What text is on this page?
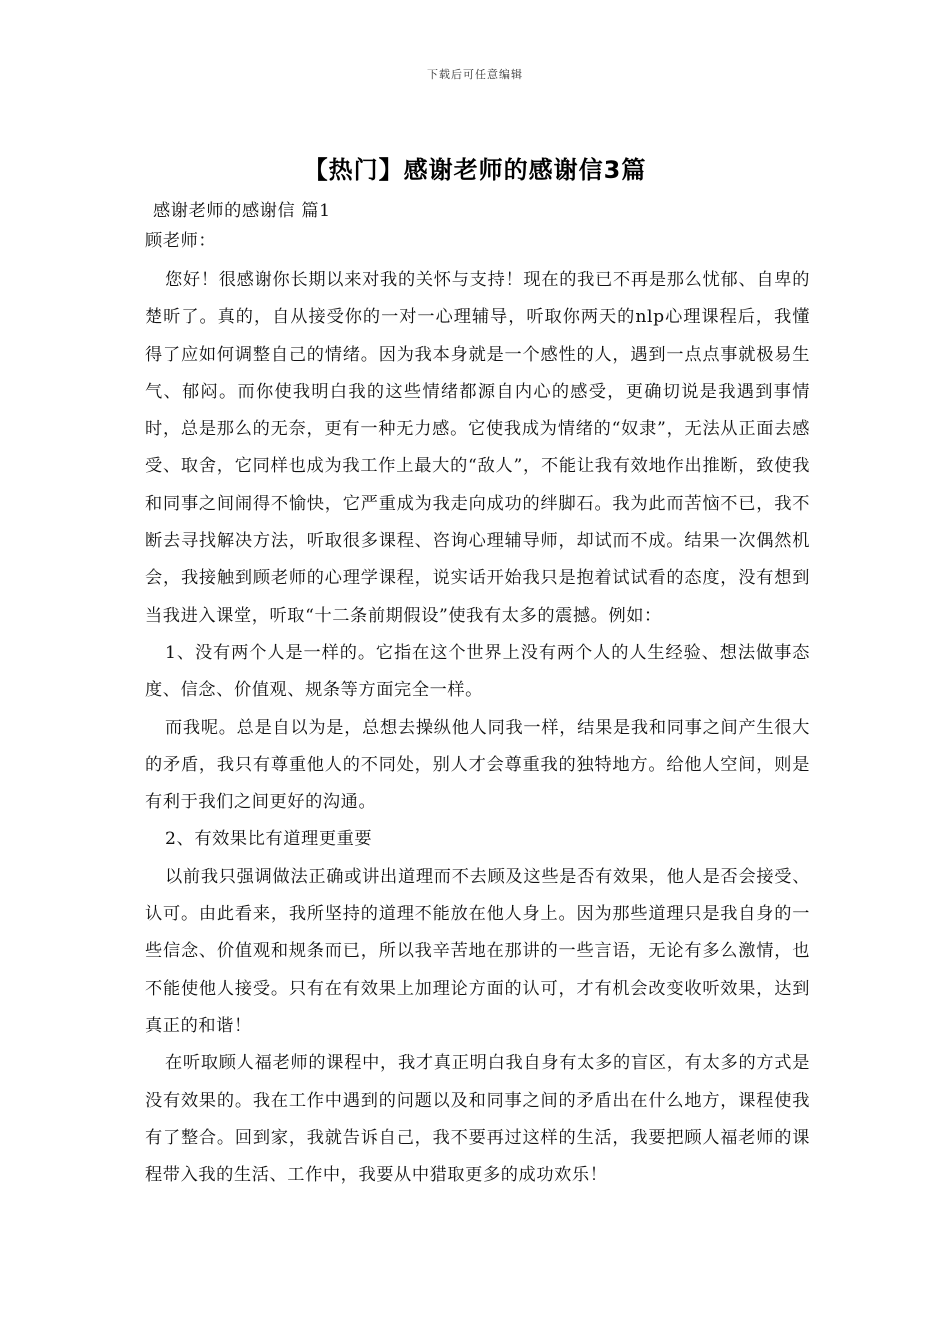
下载后可任意编辑
【热门】感谢老师的感谢信3篇

感谢老师的感谢信 篇1

顾老师：

您好！很感谢你长期以来对我的关怀与支持！现在的我已不再是那么忧郁、自卑的楚昕了。真的，自从接受你的一对一心理辅导，听取你两天的nlp心理课程后，我懂得了应如何调整自己的情绪。因为我本身就是一个感性的人，遇到一点点事就极易生气、郁闷。而你使我明白我的这些情绪都源自内心的感受，更确切说是我遇到事情时，总是那么的无奈，更有一种无力感。它使我成为情绪的“奴隶”，无法从正面去感受、取舍，它同样也成为我工作上最大的“敌人”，不能让我有效地作出推断，致使我和同事之间闹得不愉快，它严重成为我走向成功的绊脚石。我为此而苦恼不已，我不断去寻找解决方法，听取很多课程、咨询心理辅导师，却试而不成。结果一次偶然机会，我接触到顾老师的心理学课程，说实话开始我只是抱着试试看的态度，没有想到当我进入课堂，听取“十二条前期假设”使我有太多的震撼。例如：

1、没有两个人是一样的。它指在这个世界上没有两个人的人生经验、想法做事态度、信念、价值观、规条等方面完全一样。

而我呢。总是自以为是，总想去操纵他人同我一样，结果是我和同事之间产生很大的矛盾，我只有尊重他人的不同处，别人才会尊重我的独特地方。给他人空间，则是有利于我们之间更好的沟通。

2、有效果比有道理更重要

以前我只强调做法正确或讲出道理而不去顾及这些是否有效果，他人是否会接受、认可。由此看来，我所坚持的道理不能放在他人身上。因为那些道理只是我自身的一些信念、价值观和规条而已，所以我辛苦地在那讲的一些言语，无论有多么激情，也不能使他人接受。只有在有效果上加理论方面的认可，才有机会改变收听效果，达到真正的和谐！

在听取顾人福老师的课程中，我才真正明白我自身有太多的盲区，有太多的方式是没有效果的。我在工作中遇到的问题以及和同事之间的矛盾出在什么地方，课程使我有了整合。回到家，我就告诉自己，我不要再过这样的生活，我要把顾人福老师的课程带入我的生活、工作中，我要从中猎取更多的成功欢乐！
